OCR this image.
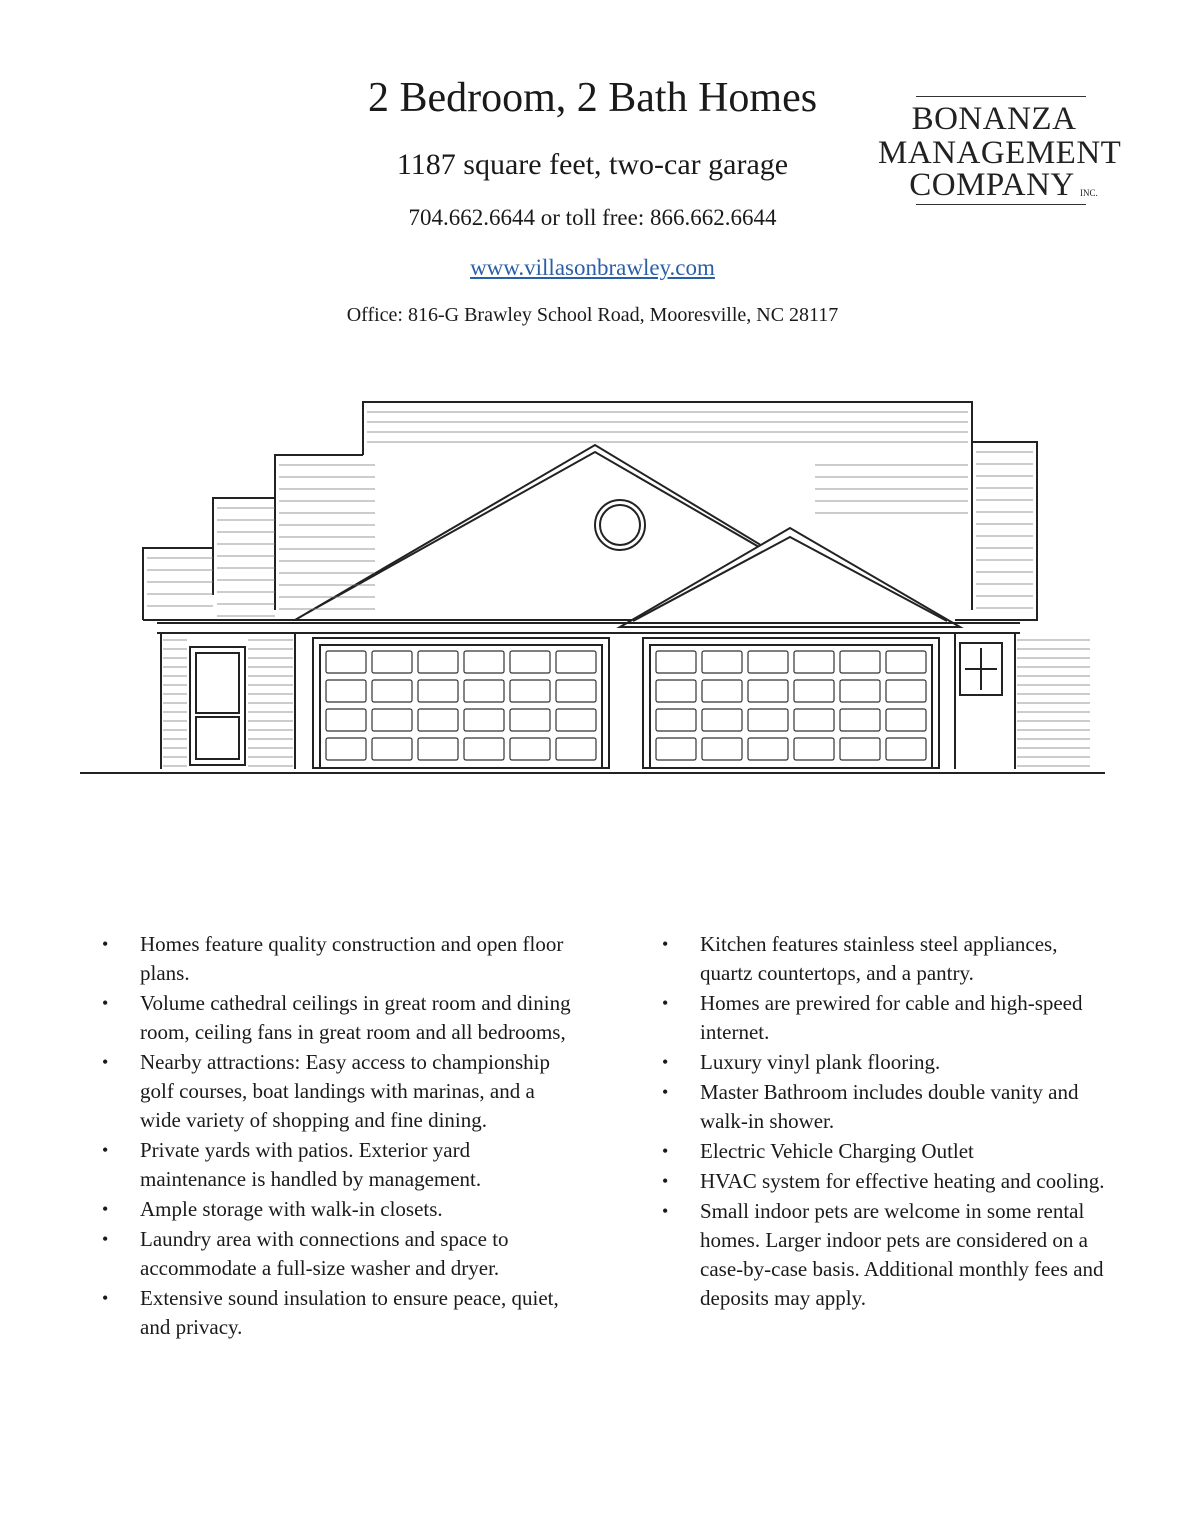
2 Bedroom, 2 Bath Homes
1187 square feet, two-car garage
704.662.6644 or toll free: 866.662.6644
www.villasonbrawley.com
Office: 816-G Brawley School Road, Mooresville, NC 28117
BONANZA
MANAGEMENT
COMPANY INC.
• Homes feature quality construction and open floor plans.
• Volume cathedral ceilings in great room and dining room, ceiling fans in great room and all bedrooms,
• Nearby attractions: Easy access to championship golf courses, boat landings with marinas, and a wide variety of shopping and fine dining.
• Private yards with patios. Exterior yard maintenance is handled by management.
• Ample storage with walk-in closets.
• Laundry area with connections and space to accommodate a full-size washer and dryer.
• Extensive sound insulation to ensure peace, quiet, and privacy.
• Kitchen features stainless steel appliances, quartz countertops, and a pantry.
• Homes are prewired for cable and high-speed internet.
• Luxury vinyl plank flooring.
• Master Bathroom includes double vanity and walk-in shower.
• Electric Vehicle Charging Outlet
• HVAC system for effective heating and cooling.
• Small indoor pets are welcome in some rental homes. Larger indoor pets are considered on a case-by-case basis. Additional monthly fees and deposits may apply.
